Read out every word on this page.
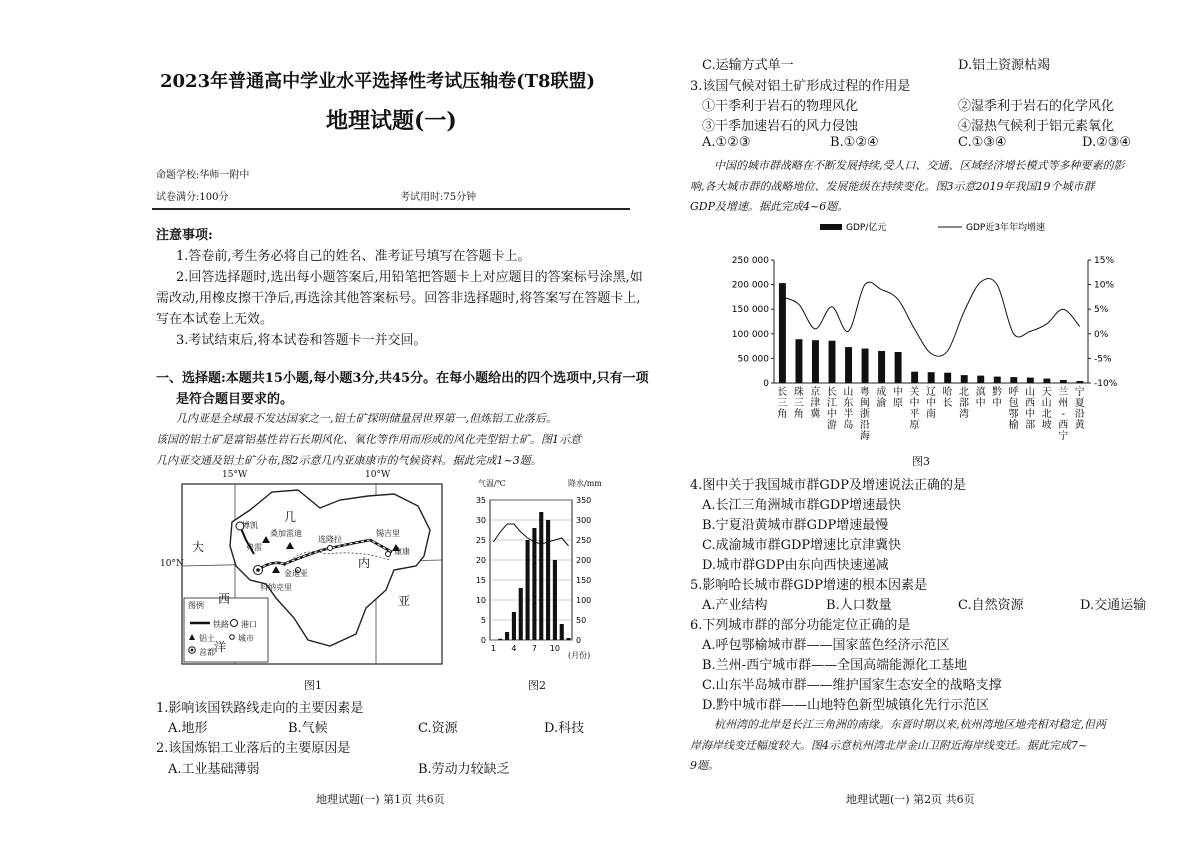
2023年普通高中学业水平选择性考试压轴卷(T8联盟)
地理试题(一)
命题学校:华师一附中
试卷满分:100分	考试用时:75分钟
注意事项:
1.答卷前,考生务必将自己的姓名、准考证号填写在答题卡上。
2.回答选择题时,选出每小题答案后,用铅笔把答题卡上对应题目的答案标号涂黑,如
需改动,用橡皮擦干净后,再选涂其他答案标号。回答非选择题时,将答案写在答题卡上,
写在本试卷上无效。
3.考试结束后,将本试卷和答题卡一并交回。
一、选择题:本题共15小题,每小题3分,共45分。在每小题给出的四个选项中,只有一项
是符合题目要求的。
几内亚是全球最不发达国家之一,铝土矿探明储量居世界第一,但炼铝工业落后。
该国的铝土矿是富铝基性岩石长期风化、氧化等作用而形成的风化壳型铝土矿。图1示意
几内亚交通及铝土矿分布,图2示意几内亚康康市的气候资料。据此完成1~3题。
15°W	10°W
10°N
几
内
亚
大
西
洋
博凯
弗雷
桑加雷迪
康康
选隆拉
锡吉里
金迪亚
科纳克里
图例
铁路 港口
铝土	城市
首都
图1
气温/℃	降水/mm
0	0
5	50
10	100
15	150
20	200
25	250
30	300
35	350
1 4 7 10
(月份)
图2
1.影响该国铁路线走向的主要因素是
A.地形	B.气候	C.资源	D.科技
2.该国炼铝工业落后的主要原因是
A.工业基础薄弱	B.劳动力较缺乏
地理试题(一) 第1页 共6页
C.运输方式单一	D.铝土资源枯竭
3.该国气候对铝土矿形成过程的作用是
①干季利于岩石的物理风化	②湿季利于岩石的化学风化
③干季加速岩石的风力侵蚀	④湿热气候利于铝元素氧化
A.①②③	B.①②④	C.①③④	D.②③④
中国的城市群战略在不断发展持续,受人口、交通、区域经济增长模式等多种要素的影
响,各大城市群的战略地位、发展能级在持续变化。图3示意2019年我国19个城市群
GDP及增速。据此完成4~6题。
0
50 000
100 000
150 000
200 000
250 000
-10%
-5%
0%
5%
10%
15%
长三角
珠三角
京津冀
长江中游
山东半岛
粤闽浙沿海
成渝
中原
关中平原
辽中南
哈长
北部湾
滇中
黔中
呼包鄂榆
山西中部
天山北坡
兰州-西宁
宁夏沿黄
GDP/亿元	GDP近3年年均增速
图3
4.图中关于我国城市群GDP及增速说法正确的是
A.长江三角洲城市群GDP增速最快
B.宁夏沿黄城市群GDP增速最慢
C.成渝城市群GDP增速比京津冀快
D.城市群GDP由东向西快速递减
5.影响哈长城市群GDP增速的根本因素是
A.产业结构	B.人口数量	C.自然资源	D.交通运输
6.下列城市群的部分功能定位正确的是
A.呼包鄂榆城市群——国家蓝色经济示范区
B.兰州-西宁城市群——全国高端能源化工基地
C.山东半岛城市群——维护国家生态安全的战略支撑
D.黔中城市群——山地特色新型城镇化先行示范区
杭州湾的北岸是长江三角洲的南缘。东晋时期以来,杭州湾地区地壳相对稳定,但两
岸海岸线变迁幅度较大。图4示意杭州湾北岸金山卫附近海岸线变迁。据此完成7~
9题。
地理试题(一) 第2页 共6页
